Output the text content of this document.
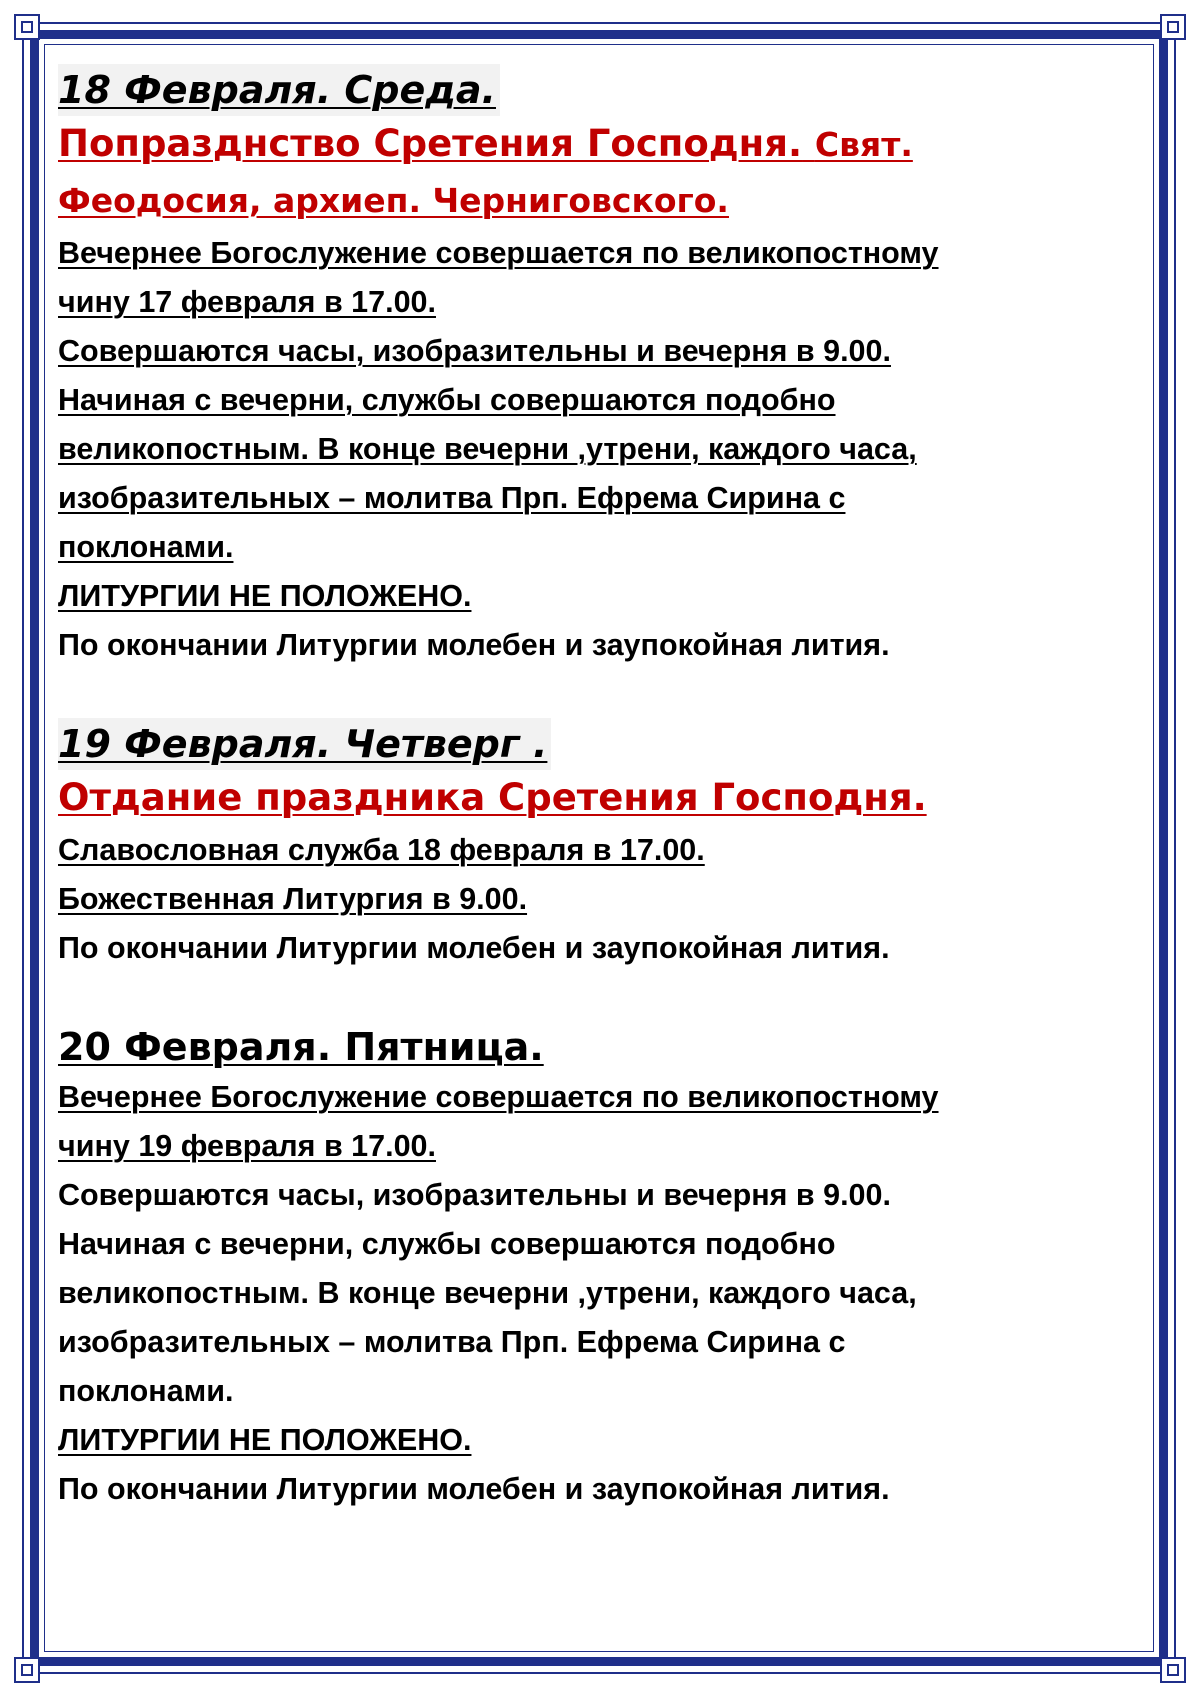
18 Февраля. Среда.
Попразднство Сретения Господня. Свят.
Феодосия, архиеп. Черниговского.
Вечернее Богослужение совершается по великопостному
чину 17 февраля в 17.00.
Совершаются часы, изобразительны и вечерня в 9.00.
Начиная с вечерни, службы совершаются подобно
великопостным. В конце вечерни ,утрени, каждого часа,
изобразительных – молитва Прп. Ефрема Сирина с
поклонами.
ЛИТУРГИИ НЕ ПОЛОЖЕНО.
По окончании Литургии молебен и заупокойная лития.
19 Февраля. Четверг .
Отдание праздника Сретения Господня.
Славословная служба 18 февраля в 17.00.
Божественная Литургия в 9.00.
По окончании Литургии молебен и заупокойная лития.
20 Февраля. Пятница.
Вечернее Богослужение совершается по великопостному
чину 19 февраля в 17.00.
Совершаются часы, изобразительны и вечерня в 9.00.
Начиная с вечерни, службы совершаются подобно
великопостным. В конце вечерни ,утрени, каждого часа,
изобразительных – молитва Прп. Ефрема Сирина с
поклонами.
ЛИТУРГИИ НЕ ПОЛОЖЕНО.
По окончании Литургии молебен и заупокойная лития.
